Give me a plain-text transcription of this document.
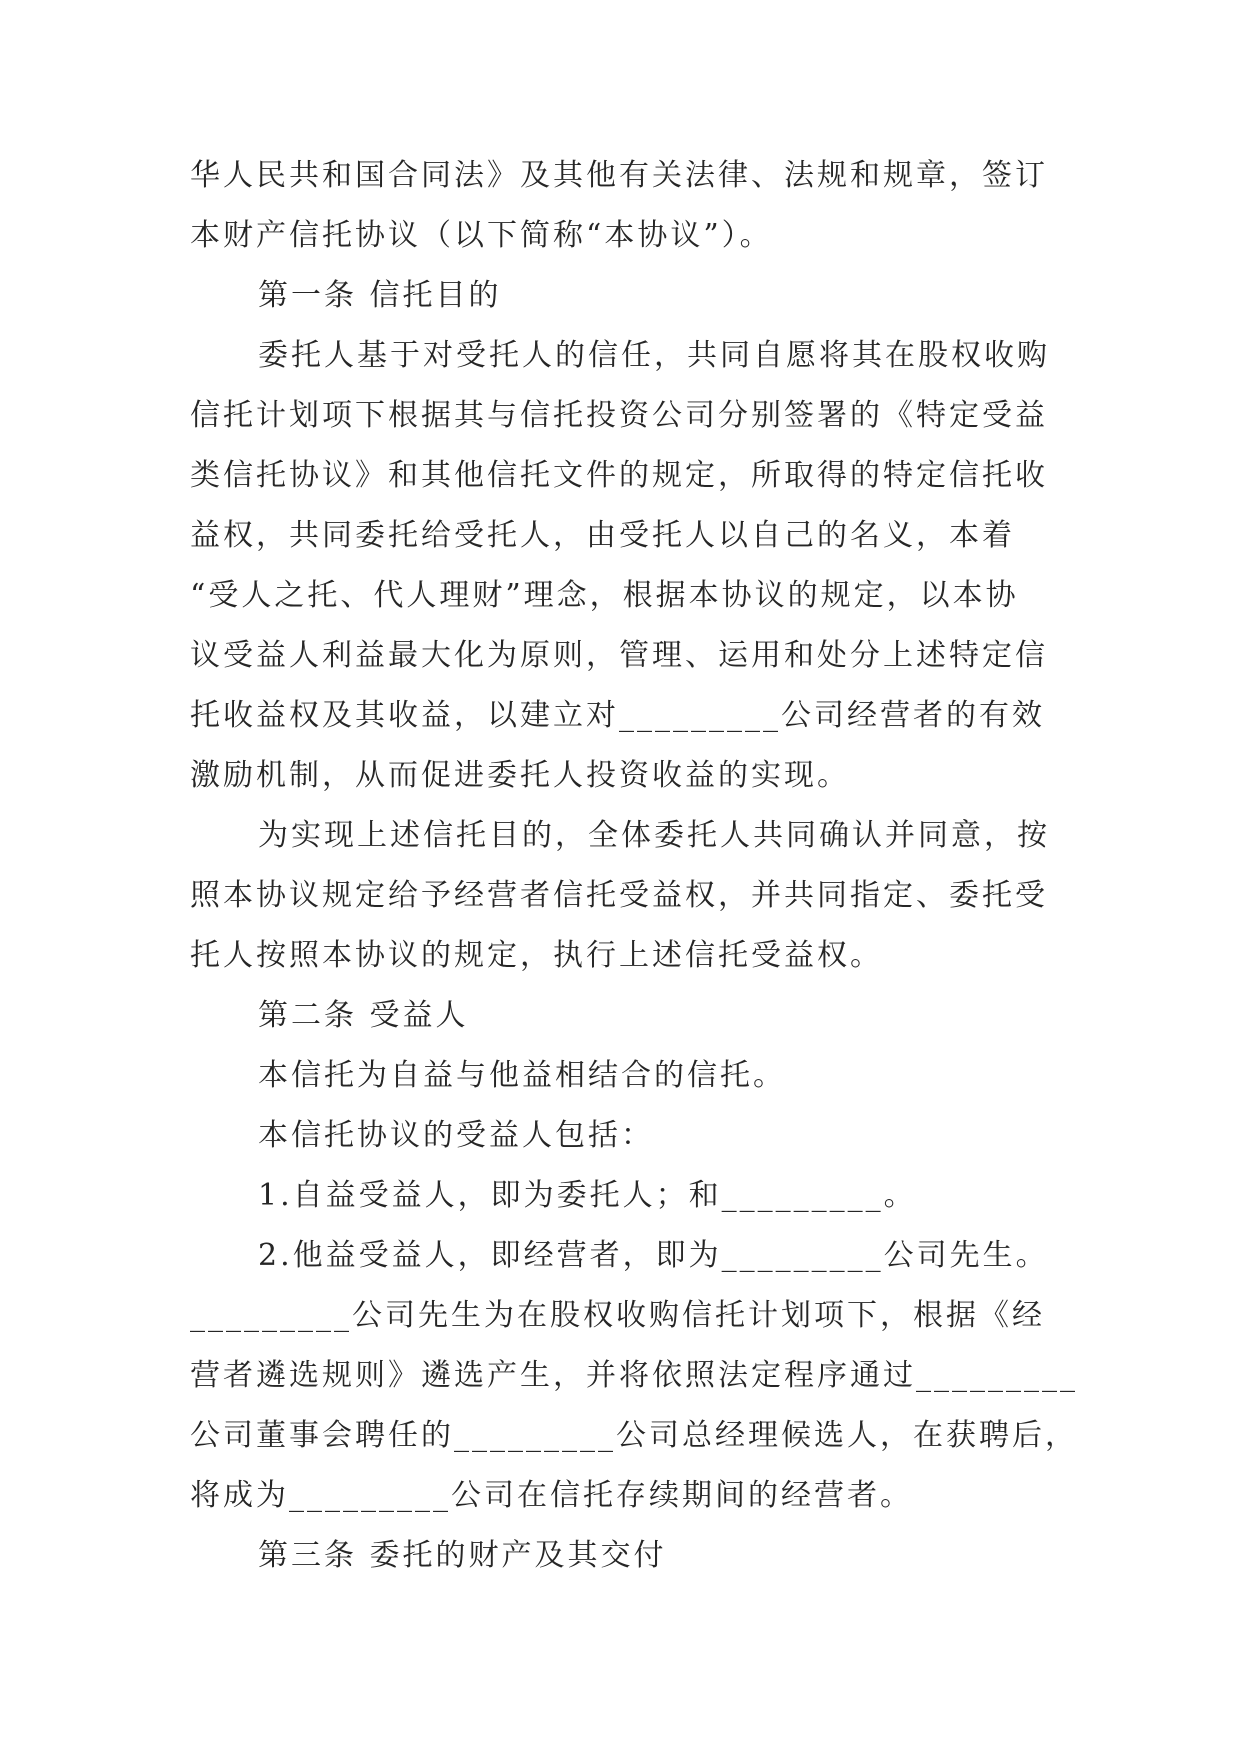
华人民共和国合同法》及其他有关法律、法规和规章，签订
本财产信托协议（以下简称“本协议”）。
第一条 信托目的
委托人基于对受托人的信任，共同自愿将其在股权收购
信托计划项下根据其与信托投资公司分别签署的《特定受益
类信托协议》和其他信托文件的规定，所取得的特定信托收
益权，共同委托给受托人，由受托人以自己的名义，本着
“受人之托、代人理财”理念，根据本协议的规定，以本协
议受益人利益最大化为原则，管理、运用和处分上述特定信
托收益权及其收益，以建立对_________公司经营者的有效
激励机制，从而促进委托人投资收益的实现。
为实现上述信托目的，全体委托人共同确认并同意，按
照本协议规定给予经营者信托受益权，并共同指定、委托受
托人按照本协议的规定，执行上述信托受益权。
第二条 受益人
本信托为自益与他益相结合的信托。
本信托协议的受益人包括：
1.自益受益人，即为委托人；和_________。
2.他益受益人，即经营者，即为_________公司先生。
_________公司先生为在股权收购信托计划项下，根据《经
营者遴选规则》遴选产生，并将依照法定程序通过_________
公司董事会聘任的_________公司总经理候选人，在获聘后，
将成为_________公司在信托存续期间的经营者。
第三条 委托的财产及其交付
